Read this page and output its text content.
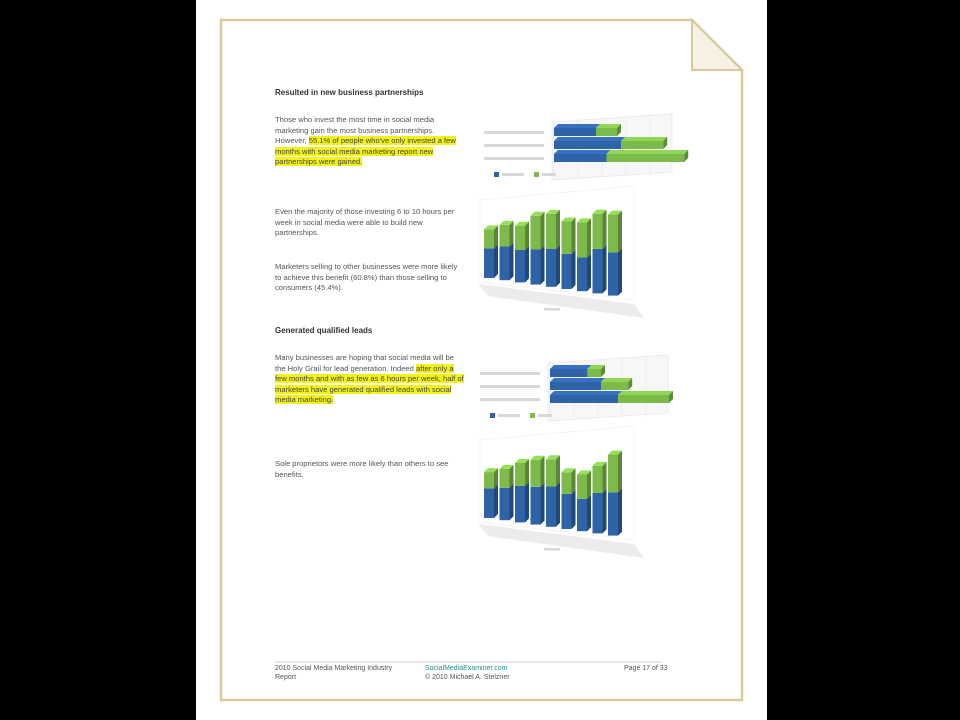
Resulted in new business partnerships
Those who invest the most time in social media marketing gain the most business partnerships. However, 55.1% of people who've only invested a few months with social media marketing report new partnerships were gained.
Even the majority of those investing 6 to 10 hours per week in social media were able to build new partnerships.
Marketers selling to other businesses were more likely to achieve this benefit (60.8%) than those selling to consumers (45.4%).
Generated qualified leads
Many businesses are hoping that social media will be the Holy Grail for lead generation. Indeed after only a few months and with as few as 6 hours per week, half of marketers have generated qualified leads with social media marketing.
Sole proprietors were more likely than others to see benefits.
2010 Social Media Marketing Industry Report
SocialMediaExaminer.com
© 2010 Michael A. Stelzner
Page 17 of 33
